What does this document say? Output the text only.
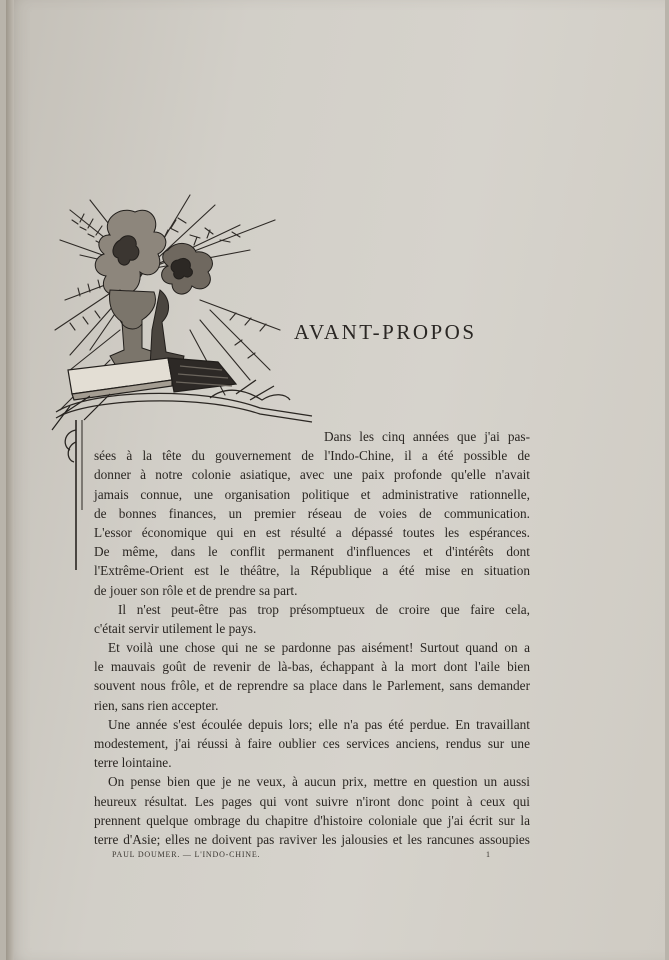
AVANT-PROPOS
Dans les cinq années que j'ai pas-
sées à la tête du gouvernement de l'Indo-Chine, il a été possible de
donner à notre colonie asiatique, avec une paix profonde qu'elle n'avait
jamais connue, une organisation politique et administrative rationnelle,
de bonnes finances, un premier réseau de voies de communication.
L'essor économique qui en est résulté a dépassé toutes les espérances.
De même, dans le conflit permanent d'influences et d'intérêts dont
l'Extrême-Orient est le théâtre, la République a été mise en situation
de jouer son rôle et de prendre sa part.
Il n'est peut-être pas trop présomptueux de croire que faire cela,
c'était servir utilement le pays.
Et voilà une chose qui ne se pardonne pas aisément! Surtout quand on a
le mauvais goût de revenir de là-bas, échappant à la mort dont l'aile bien
souvent nous frôle, et de reprendre sa place dans le Parlement, sans demander
rien, sans rien accepter.
Une année s'est écoulée depuis lors; elle n'a pas été perdue. En travaillant
modestement, j'ai réussi à faire oublier ces services anciens, rendus sur une
terre lointaine.
On pense bien que je ne veux, à aucun prix, mettre en question un aussi
heureux résultat. Les pages qui vont suivre n'iront donc point à ceux qui
prennent quelque ombrage du chapitre d'histoire coloniale que j'ai écrit sur la
terre d'Asie; elles ne doivent pas raviver les jalousies et les rancunes assoupies
PAUL DOUMER. — L'INDO-CHINE.	1
